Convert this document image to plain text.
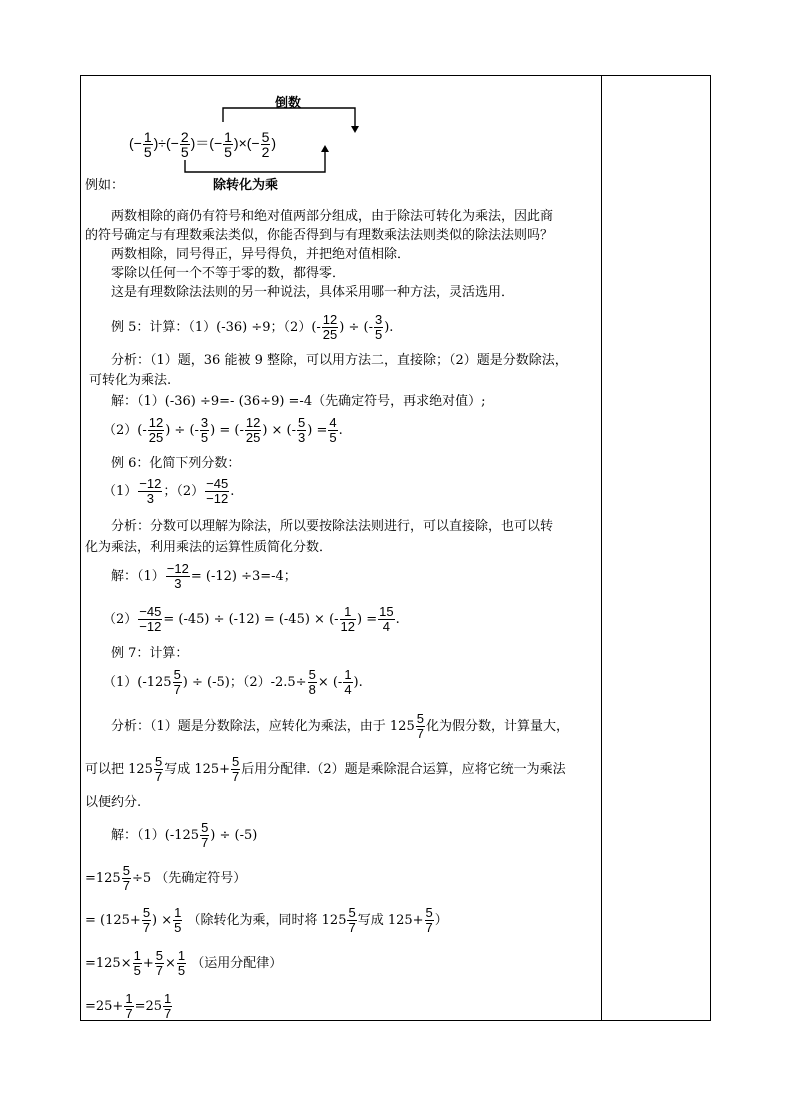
倒数
除转化为乘
(− $\frac{1}{5}$ )÷(− $\frac{2}{5}$ )＝(− $\frac{1}{5}$ )×(− $\frac{5}{2}$ )
例如：
两数相除的商仍有符号和绝对值两部分组成，由于除法可转化为乘法，因此商
的符号确定与有理数乘法类似，你能否得到与有理数乘法法则类似的除法法则吗？
两数相除，同号得正，异号得负，并把绝对值相除．
零除以任何一个不等于零的数，都得零．
这是有理数除法法则的另一种说法，具体采用哪一种方法，灵活选用．
例 5：计算：（1）(-36) ÷9；$(2)(- \frac{12}{25}$ ) ÷ (- $\frac{3}{5}$ ).
分析：（1）题，36 能被 9 整除，可以用方法二，直接除；（2）题是分数除法，
可转化为乘法.
解：（1）(-36) ÷9=- (36÷9) =-4（先确定符号，再求绝对值）;
$(2)(- \frac{12}{25}$ ) ÷ (- $\frac{3}{5}$ ) = (- $\frac{12}{25}$ ) × (- $\frac{5}{3}$ ) = $\frac{4}{5}$ .
例 6：化简下列分数：
$(1) \frac{-12}{3}$ ；$(2) \frac{-45}{-12}$ .
分析：分数可以理解为除法，所以要按除法法则进行，可以直接除，也可以转
化为乘法，利用乘法的运算性质简化分数．
解：$(1) \frac{-12}{3} = (-12) \div 3=-4$；
$(2) \frac{-45}{-12} = (-45) \div (-12) = (-45)$ × (- $\frac{1}{12}$ ) = $\frac{15}{4}$ .
例 7：计算：
$(1)(-125 \frac{5}{7}$ ) ÷ (-5)；$(2)-2.5\div \frac{5}{8}$ × (- $\frac{1}{4}$ ).
分析：（1）题是分数除法，应转化为乘法，由于 $125 \frac{5}{7}$ 化为假分数，计算量大，
可以把 $125 \frac{5}{7}$ 写成 $125+ \frac{5}{7}$ 后用分配律.（2）题是乘除混合运算，应将它统一为乘法
以便约分.
解：$(1)(-125 \frac{5}{7}$ ) ÷ (-5)
$=125 \frac{5}{7} \div 5$ （先确定符号）
= ($125+ \frac{5}{7}$ ) × $\frac{1}{5}$ （除转化为乘，同时将 $125 \frac{5}{7}$ 写成 $125+ \frac{5}{7}$ ）
$=125\times \frac{1}{5} + \frac{5}{7} \times \frac{1}{5}$ （运用分配律）
$=25+ \frac{1}{7} =25 \frac{1}{7}$
